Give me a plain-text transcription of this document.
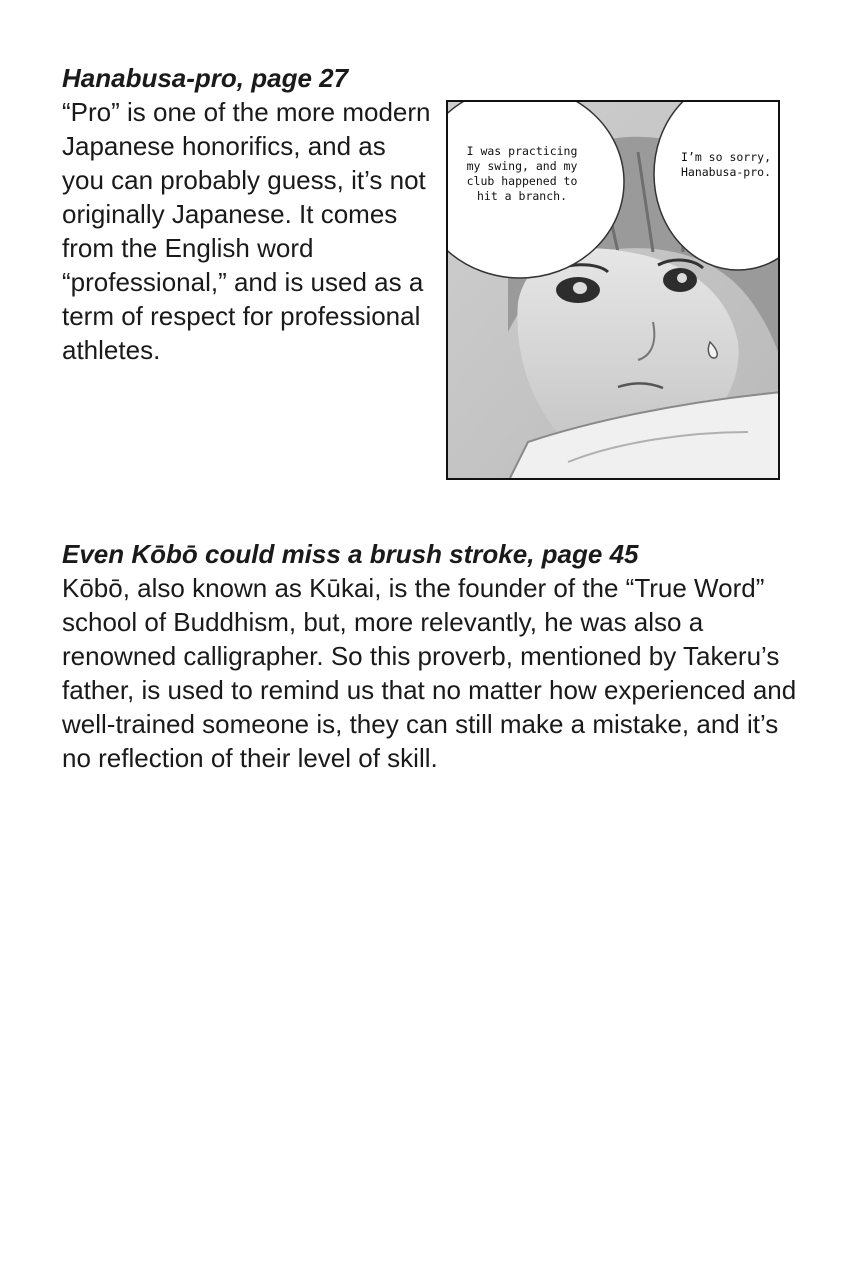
Hanabusa-pro, page 27

“Pro” is one of the more modern Japanese honorifics, and as you can probably guess, it’s not originally Japanese. It comes from the English word “professional,” and is used as a term of respect for professional athletes.

I was practicing my swing, and my club happened to hit a branch.

I’m so sorry, Hanabusa-pro.

Even Kōbō could miss a brush stroke, page 45

Kōbō, also known as Kūkai, is the founder of the “True Word” school of Buddhism, but, more relevantly, he was also a renowned calligrapher. So this proverb, mentioned by Takeru’s father, is used to remind us that no matter how experienced and well-trained someone is, they can still make a mistake, and it’s no reflection of their level of skill.
